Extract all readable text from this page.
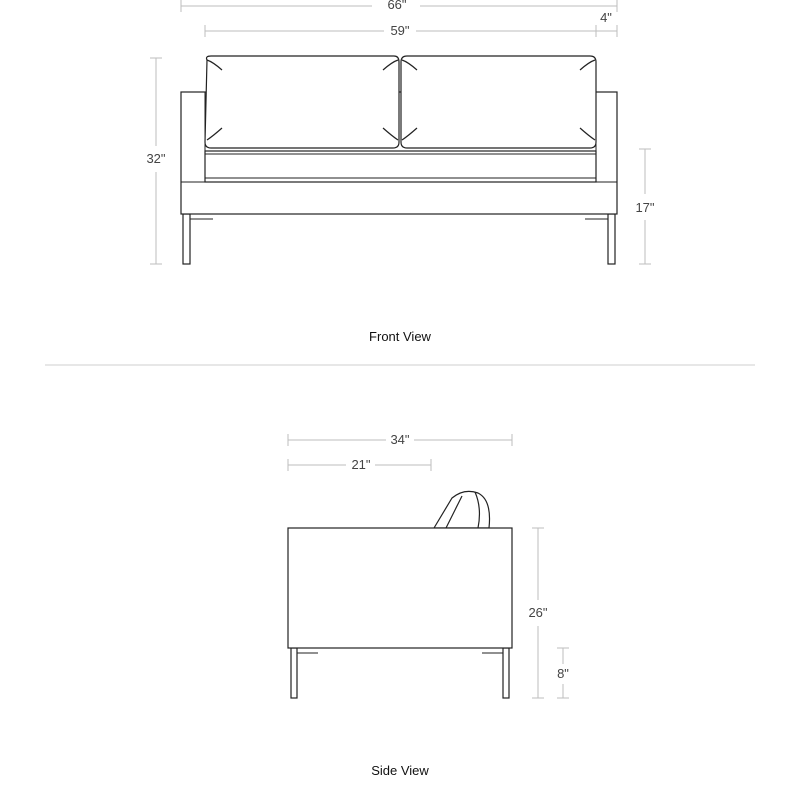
66"
4"
59"
32"
17"
Front View
34"
21"
26"
8"
Side View
